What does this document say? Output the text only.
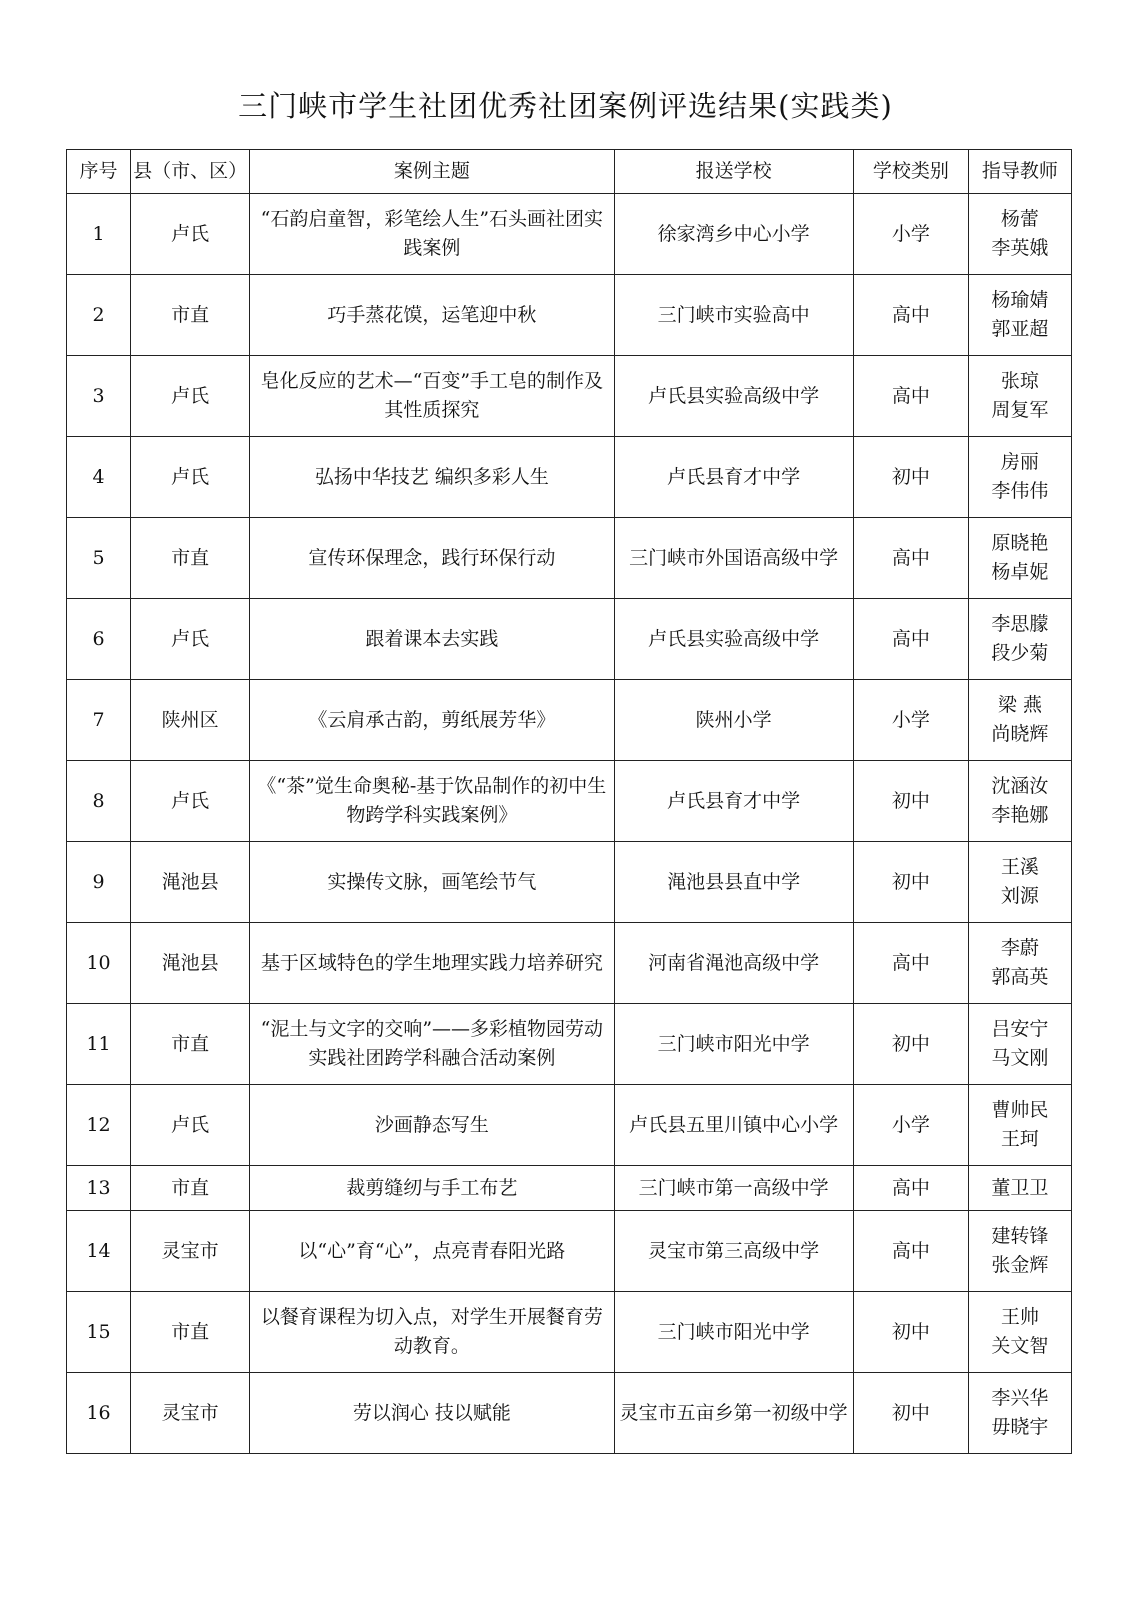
三门峡市学生社团优秀社团案例评选结果(实践类)
序号	县（市、区）	案例主题	报送学校	学校类别	指导教师
1	卢氏	“石韵启童智，彩笔绘人生”石头画社团实践案例	徐家湾乡中心小学	小学	杨蕾
李英娥

2	市直	巧手蒸花馍，运笔迎中秋	三门峡市实验高中	高中	杨瑜婧
郭亚超

3	卢氏	皂化反应的艺术—“百变”手工皂的制作及其性质探究	卢氏县实验高级中学	高中	张琼
周复军

4	卢氏	弘扬中华技艺 编织多彩人生	卢氏县育才中学	初中	房丽
李伟伟

5	市直	宣传环保理念，践行环保行动	三门峡市外国语高级中学	高中	原晓艳
杨卓妮

6	卢氏	跟着课本去实践	卢氏县实验高级中学	高中	李思朦
段少菊

7	陕州区	《云肩承古韵，剪纸展芳华》	陕州小学	小学	梁 燕
尚晓辉

8	卢氏	《“茶”觉生命奥秘-基于饮品制作的初中生物跨学科实践案例》	卢氏县育才中学	初中	沈涵汝
李艳娜

9	渑池县	实操传文脉，画笔绘节气	渑池县县直中学	初中	王溪
刘源

10	渑池县	基于区域特色的学生地理实践力培养研究	河南省渑池高级中学	高中	李蔚
郭高英

11	市直	“泥土与文字的交响”——多彩植物园劳动实践社团跨学科融合活动案例	三门峡市阳光中学	初中	吕安宁
马文刚

12	卢氏	沙画静态写生	卢氏县五里川镇中心小学	小学	曹帅民
王珂

13	市直	裁剪缝纫与手工布艺	三门峡市第一高级中学	高中	董卫卫

14	灵宝市	以“心”育“心”，点亮青春阳光路	灵宝市第三高级中学	高中	建转锋
张金辉

15	市直	以餐育课程为切入点，对学生开展餐育劳动教育。	三门峡市阳光中学	初中	王帅
关文智

16	灵宝市	劳以润心 技以赋能	灵宝市五亩乡第一初级中学	初中	李兴华
毋晓宇
